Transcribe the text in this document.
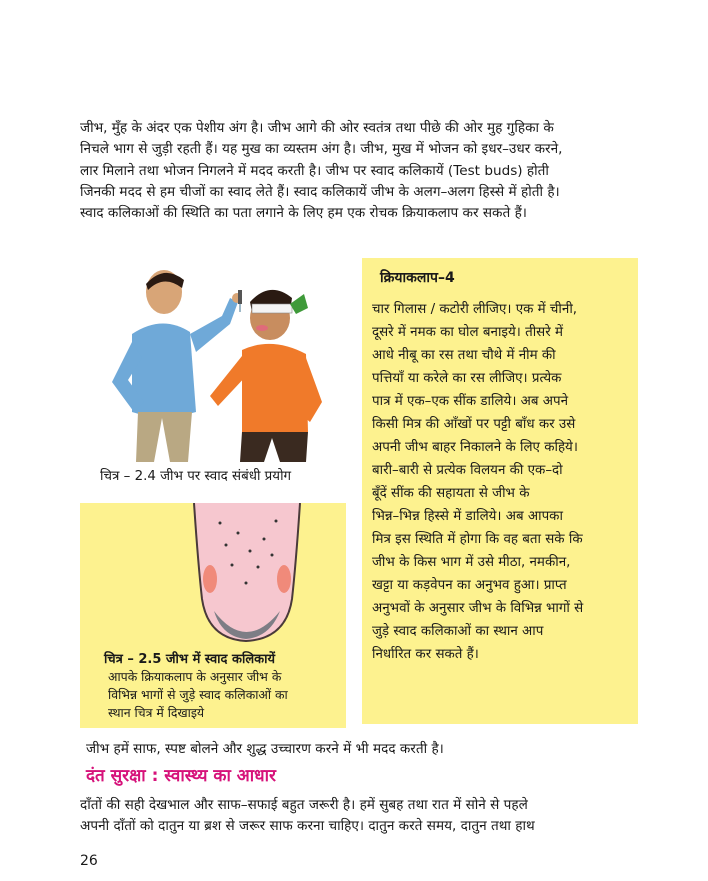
जीभ, मुँह के अंदर एक पेशीय अंग है। जीभ आगे की ओर स्वतंत्र तथा पीछे की ओर मुह गुहिका के

निचले भाग से जुड़ी रहती हैं। यह मुख का व्यस्तम अंग है। जीभ, मुख में भोजन को इधर–उधर करने,

लार मिलाने तथा भोजन निगलने में मदद करती है। जीभ पर स्वाद कलिकायें (Test buds) होती

जिनकी मदद से हम चीजों का स्वाद लेते हैं। स्वाद कलिकायें जीभ के अलग–अलग हिस्से में होती है।

स्वाद कलिकाओं की स्थिति का पता लगाने के लिए हम एक रोचक क्रियाकलाप कर सकते हैं।

चित्र – 2.4 जीभ पर स्वाद संबंधी प्रयोग
चित्र – 2.5 जीभ में स्वाद कलिकायें

आपके क्रियाकलाप के अनुसार जीभ के

विभिन्न भागों से जुड़े स्वाद कलिकाओं का

स्थान चित्र में दिखाइये

क्रियाकलाप–4

चार गिलास / कटोरी लीजिए। एक में चीनी,

दूसरे में नमक का घोल बनाइये। तीसरे में

आधे नीबू का रस तथा चौथे में नीम की

पत्तियाँ या करेले का रस लीजिए। प्रत्येक

पात्र में एक–एक सींक डालिये। अब अपने

किसी मित्र की आँखों पर पट्टी बाँध कर उसे

अपनी जीभ बाहर निकालने के लिए कहिये।

बारी–बारी से प्रत्येक विलयन की एक–दो

बूँदें सींक की सहायता से जीभ के

भिन्न–भिन्न हिस्से में डालिये। अब आपका

मित्र इस स्थिति में होगा कि वह बता सके कि

जीभ के किस भाग में उसे मीठा, नमकीन,

खट्टा या कड़वेपन का अनुभव हुआ। प्राप्त

अनुभवों के अनुसार जीभ के विभिन्न भागों से

जुड़े स्वाद कलिकाओं का स्थान आप

निर्धारित कर सकते हैं।

जीभ हमें साफ, स्पष्ट बोलने और शुद्ध उच्चारण करने में भी मदद करती है।
दंत सुरक्षा : स्वास्थ्य का आधार

दाँतों की सही देखभाल और साफ–सफाई बहुत जरूरी है। हमें सुबह तथा रात में सोने से पहले

अपनी दाँतों को दातुन या ब्रश से जरूर साफ करना चाहिए। दातुन करते समय, दातुन तथा हाथ

26
